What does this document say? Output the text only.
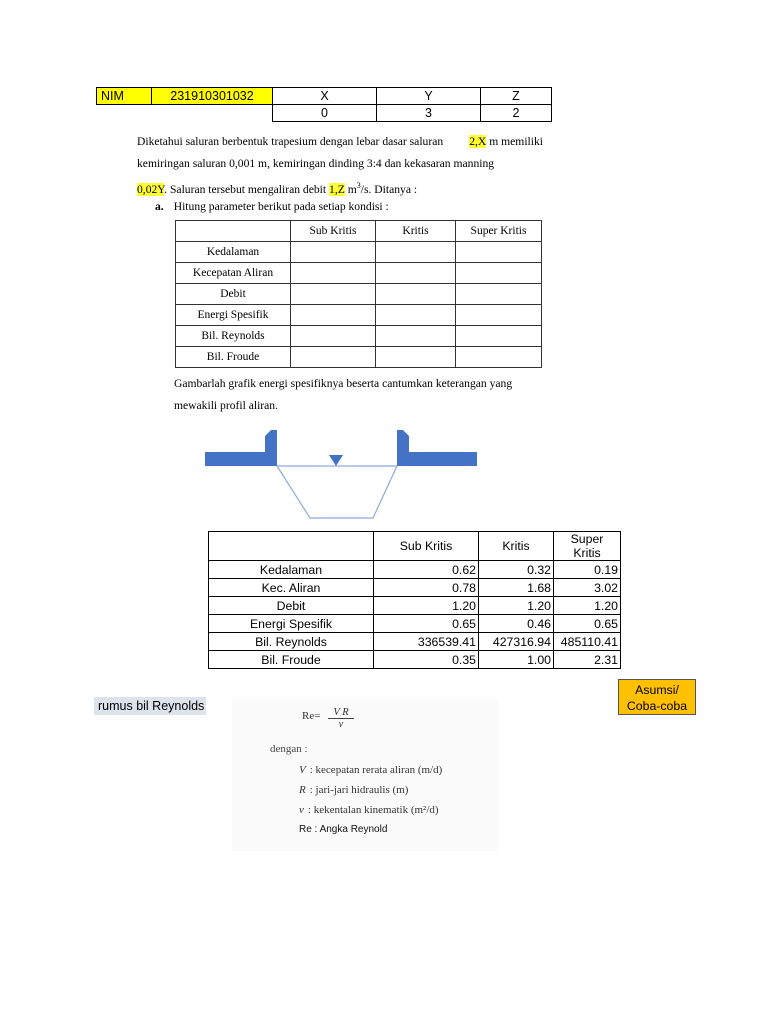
NIM	231910301032	X	Y	Z
		0	3	2
Diketahui saluran berbentuk trapesium dengan lebar dasar saluran 2,X m memiliki
kemiringan saluran 0,001 m, kemiringan dinding 3:4 dan kekasaran manning
0,02Y. Saluran tersebut mengaliran debit 1,Z $m^3/s$. Ditanya :
a. Hitung parameter berikut pada setiap kondisi :
	Sub Kritis	Kritis	Super Kritis
Kedalaman			
Kecepatan Aliran			
Debit			
Energi Spesifik			
Bil. Reynolds			
Bil. Froude			
Gambarlah grafik energi spesifiknya beserta cantumkan keterangan yang
mewakili profil aliran.
	Sub Kritis	Kritis	Super Kritis
Kedalaman	0.62	0.32	0.19
Kec. Aliran	0.78	1.68	3.02
Debit	1.20	1.20	1.20
Energi Spesifik	0.65	0.46	0.65
Bil. Reynolds	336539.41	427316.94	485110.41
Bil. Froude	0.35	1.00	2.31
Asumsi/
Coba-coba
rumus bil Reynolds
$Re= \frac{\text{V R}}{v}$
dengan :
V : kecepatan rerata aliran (m/d)
R : jari-jari hidraulis (m)
v : kekentalan kinematik (m²/d)
Re : Angka Reynold
